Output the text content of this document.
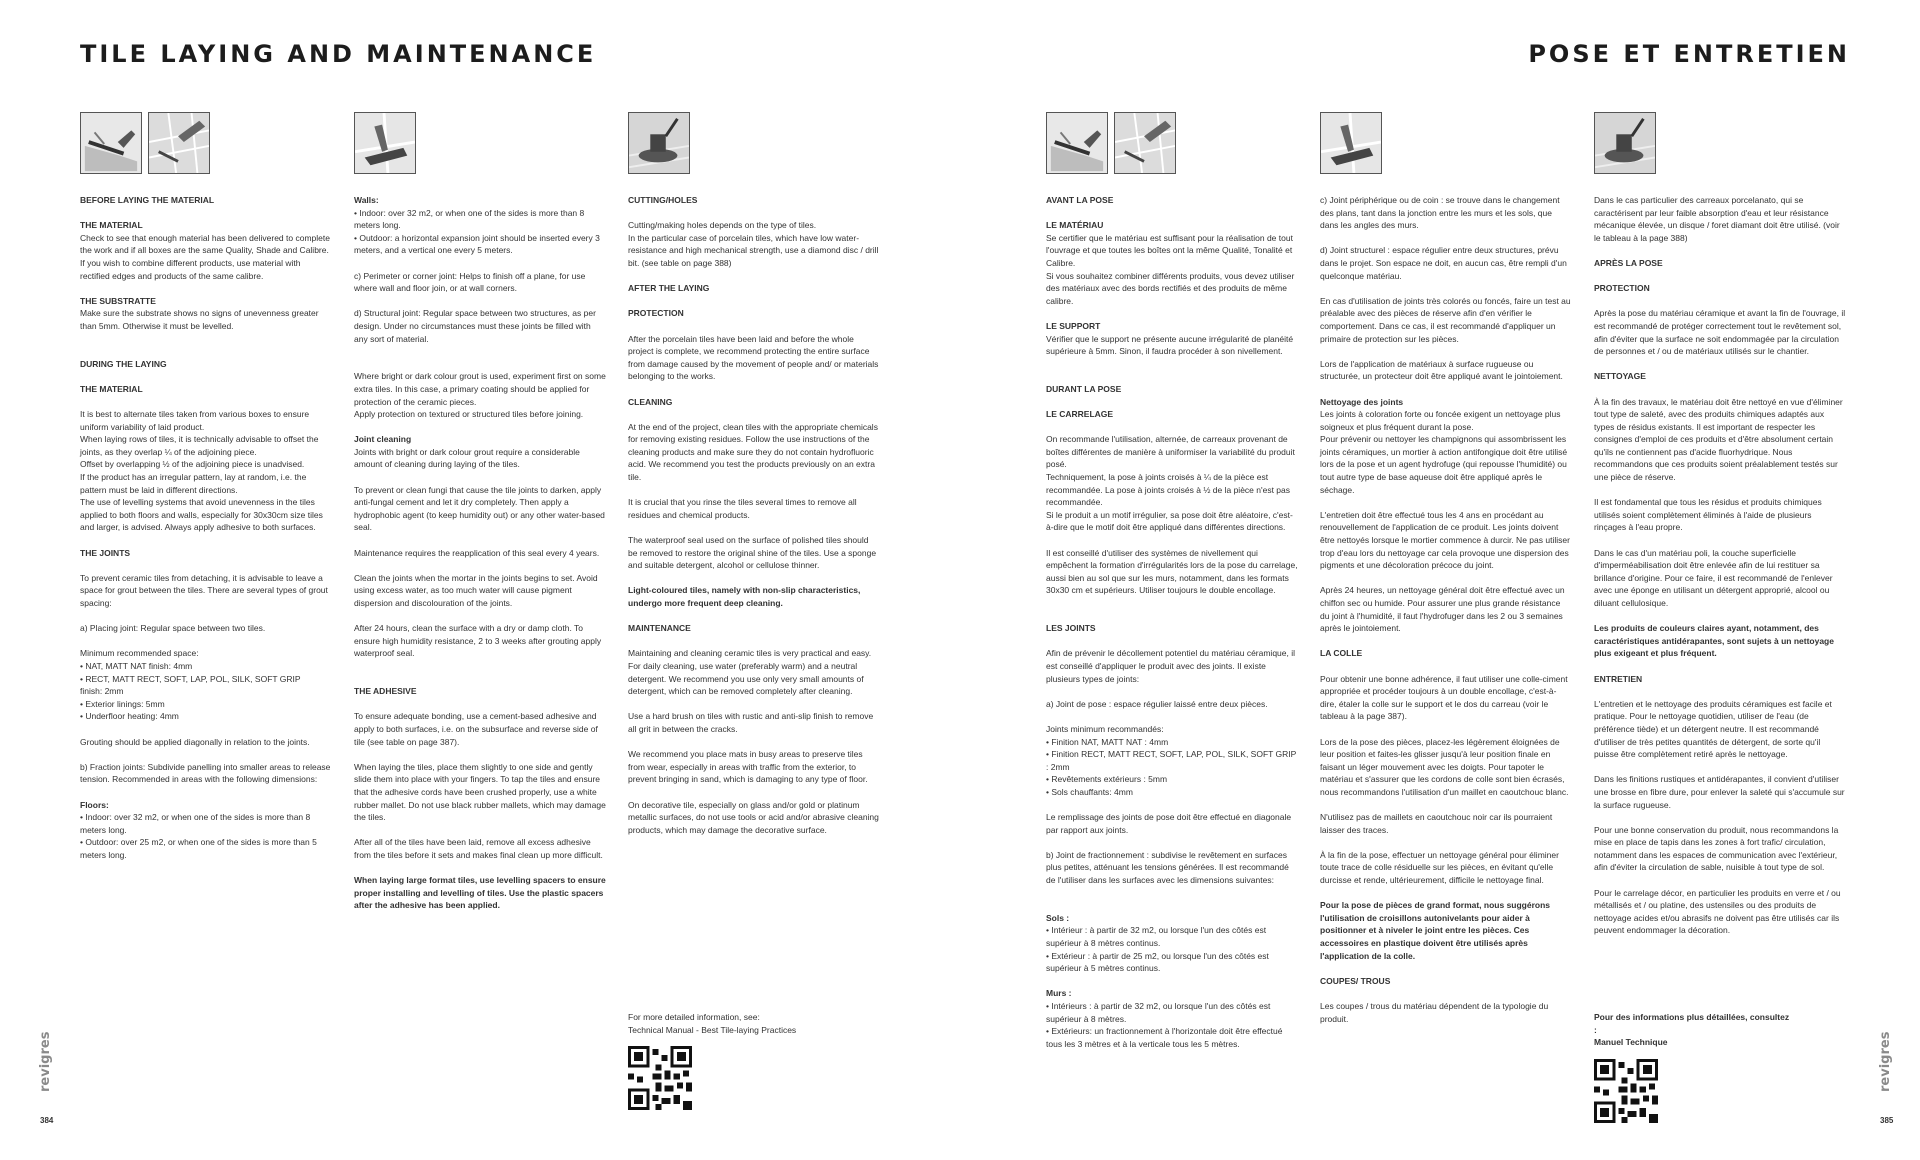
TILE LAYING AND MAINTENANCE

BEFORE LAYING THE MATERIAL

THE MATERIAL

Check to see that enough material has been delivered to complete the work and if all boxes are the same Quality, Shade and Calibre.
If you wish to combine different products, use material with rectified edges and products of the same calibre.

THE SUBSTRATTE

Make sure the substrate shows no signs of unevenness greater than 5mm. Otherwise it must be levelled.

DURING THE LAYING

THE MATERIAL

It is best to alternate tiles taken from various boxes to ensure uniform variability of laid product.
When laying rows of tiles, it is technically advisable to offset the joints, as they overlap ¼ of the adjoining piece.
Offset by overlapping ½ of the adjoining piece is unadvised.
If the product has an irregular pattern, lay at random, i.e. the pattern must be laid in different directions.
The use of levelling systems that avoid unevenness in the tiles applied to both floors and walls, especially for 30x30cm size tiles and larger, is advised. Always apply adhesive to both surfaces.

THE JOINTS

To prevent ceramic tiles from detaching, it is advisable to leave a space for grout between the tiles. There are several types of grout spacing:

a) Placing joint: Regular space between two tiles.

Minimum recommended space:
• NAT, MATT NAT finish: 4mm
• RECT, MATT RECT, SOFT, LAP, POL, SILK, SOFT GRIP
finish: 2mm
• Exterior linings: 5mm
• Underfloor heating: 4mm

Grouting should be applied diagonally in relation to the joints.

b) Fraction joints: Subdivide panelling into smaller areas to release tension. Recommended in areas with the following dimensions:

Floors:

• Indoor: over 32 m2, or when one of the sides is more than 8 meters long.
• Outdoor: over 25 m2, or when one of the sides is more than 5 meters long.

Walls:

• Indoor: over 32 m2, or when one of the sides is more than 8 meters long.
• Outdoor: a horizontal expansion joint should be inserted every 3 meters, and a vertical one every 5 meters.

c) Perimeter or corner joint: Helps to finish off a plane, for use where wall and floor join, or at wall corners.

d) Structural joint: Regular space between two structures, as per design. Under no circumstances must these joints be filled with any sort of material.

Where bright or dark colour grout is used, experiment first on some extra tiles. In this case, a primary coating should be applied for protection of the ceramic pieces.
Apply protection on textured or structured tiles before joining.

Joint cleaning

Joints with bright or dark colour grout require a considerable amount of cleaning during laying of the tiles.

To prevent or clean fungi that cause the tile joints to darken, apply anti-fungal cement and let it dry completely. Then apply a hydrophobic agent (to keep humidity out) or any other water-based seal.

Maintenance requires the reapplication of this seal every 4 years.

Clean the joints when the mortar in the joints begins to set. Avoid using excess water, as too much water will cause pigment dispersion and discolouration of the joints.

After 24 hours, clean the surface with a dry or damp cloth. To ensure high humidity resistance, 2 to 3 weeks after grouting apply waterproof seal.

THE ADHESIVE

To ensure adequate bonding, use a cement-based adhesive and apply to both surfaces, i.e. on the subsurface and reverse side of tile (see table on page 387).

When laying the tiles, place them slightly to one side and gently slide them into place with your fingers. To tap the tiles and ensure that the adhesive cords have been crushed properly, use a white rubber mallet. Do not use black rubber mallets, which may damage the tiles.

After all of the tiles have been laid, remove all excess adhesive from the tiles before it sets and makes final clean up more difficult.

When laying large format tiles, use levelling spacers to ensure proper installing and levelling of tiles. Use the plastic spacers after the adhesive has been applied.

CUTTING/HOLES

Cutting/making holes depends on the type of tiles.
In the particular case of porcelain tiles, which have low water-resistance and high mechanical strength, use a diamond disc / drill bit. (see table on page 388)

AFTER THE LAYING

PROTECTION

After the porcelain tiles have been laid and before the whole project is complete, we recommend protecting the entire surface from damage caused by the movement of people and/ or materials belonging to the works.

CLEANING

At the end of the project, clean tiles with the appropriate chemicals for removing existing residues. Follow the use instructions of the cleaning products and make sure they do not contain hydrofluoric acid. We recommend you test the products previously on an extra tile.

It is crucial that you rinse the tiles several times to remove all residues and chemical products.

The waterproof seal used on the surface of polished tiles should be removed to restore the original shine of the tiles. Use a sponge and suitable detergent, alcohol or cellulose thinner.

Light-coloured tiles, namely with non-slip characteristics, undergo more frequent deep cleaning.

MAINTENANCE

Maintaining and cleaning ceramic tiles is very practical and easy. For daily cleaning, use water (preferably warm) and a neutral detergent. We recommend you use only very small amounts of detergent, which can be removed completely after cleaning.

Use a hard brush on tiles with rustic and anti-slip finish to remove all grit in between the cracks.

We recommend you place mats in busy areas to preserve tiles from wear, especially in areas with traffic from the exterior, to prevent bringing in sand, which is damaging to any type of floor.

On decorative tile, especially on glass and/or gold or platinum metallic surfaces, do not use tools or acid and/or abrasive cleaning products, which may damage the decorative surface.

For more detailed information, see:
Technical Manual - Best Tile-laying Practices
revigres
384
POSE ET ENTRETIEN

AVANT LA POSE

LE MATÉRIAU

Se certifier que le matériau est suffisant pour la réalisation de tout l'ouvrage et que toutes les boîtes ont la même Qualité, Tonalité et Calibre.
Si vous souhaitez combiner différents produits, vous devez utiliser des matériaux avec des bords rectifiés et des produits de même calibre.

LE SUPPORT

Vérifier que le support ne présente aucune irrégularité de planéité supérieure à 5mm. Sinon, il faudra procéder à son nivellement.

DURANT LA POSE

LE CARRELAGE

On recommande l'utilisation, alternée, de carreaux provenant de boîtes différentes de manière à uniformiser la variabilité du produit posé.
Techniquement, la pose à joints croisés à ¼ de la pièce est recommandée. La pose à joints croisés à ½ de la pièce n'est pas recommandée.
Si le produit a un motif irrégulier, sa pose doit être aléatoire, c'est-à-dire que le motif doit être appliqué dans différentes directions.

Il est conseillé d'utiliser des systèmes de nivellement qui empêchent la formation d'irrégularités lors de la pose du carrelage, aussi bien au sol que sur les murs, notamment, dans les formats 30x30 cm et supérieurs. Utiliser toujours le double encollage.

LES JOINTS

Afin de prévenir le décollement potentiel du matériau céramique, il est conseillé d'appliquer le produit avec des joints. Il existe plusieurs types de joints:

a) Joint de pose : espace régulier laissé entre deux pièces.

Joints minimum recommandés:
• Finition NAT, MATT NAT : 4mm
• Finition RECT, MATT RECT, SOFT, LAP, POL, SILK, SOFT GRIP
: 2mm
• Revêtements extérieurs : 5mm
• Sols chauffants: 4mm

Le remplissage des joints de pose doit être effectué en diagonale par rapport aux joints.

b) Joint de fractionnement : subdivise le revêtement en surfaces plus petites, atténuant les tensions générées. Il est recommandé de l'utiliser dans les surfaces avec les dimensions suivantes:

Sols :

• Intérieur : à partir de 32 m2, ou lorsque l'un des côtés est supérieur à 8 mètres continus.
• Extérieur : à partir de 25 m2, ou lorsque l'un des côtés est supérieur à 5 mètres continus.

Murs :

• Intérieurs : à partir de 32 m2, ou lorsque l'un des côtés est supérieur à 8 mètres.
• Extérieurs: un fractionnement à l'horizontale doit être effectué tous les 3 mètres et à la verticale tous les 5 mètres.

c) Joint périphérique ou de coin : se trouve dans le changement des plans, tant dans la jonction entre les murs et les sols, que dans les angles des murs.

d) Joint structurel : espace régulier entre deux structures, prévu dans le projet. Son espace ne doit, en aucun cas, être rempli d'un quelconque matériau.

En cas d'utilisation de joints très colorés ou foncés, faire un test au préalable avec des pièces de réserve afin d'en vérifier le comportement. Dans ce cas, il est recommandé d'appliquer un primaire de protection sur les pièces.

Lors de l'application de matériaux à surface rugueuse ou structurée, un protecteur doit être appliqué avant le jointoiement.

Nettoyage des joints

Les joints à coloration forte ou foncée exigent un nettoyage plus soigneux et plus fréquent durant la pose.
Pour prévenir ou nettoyer les champignons qui assombrissent les joints céramiques, un mortier à action antifongique doit être utilisé lors de la pose et un agent hydrofuge (qui repousse l'humidité) ou tout autre type de base aqueuse doit être appliqué après le séchage.

L'entretien doit être effectué tous les 4 ans en procédant au renouvellement de l'application de ce produit. Les joints doivent être nettoyés lorsque le mortier commence à durcir. Ne pas utiliser trop d'eau lors du nettoyage car cela provoque une dispersion des pigments et une décoloration précoce du joint.

Après 24 heures, un nettoyage général doit être effectué avec un chiffon sec ou humide. Pour assurer une plus grande résistance du joint à l'humidité, il faut l'hydrofuger dans les 2 ou 3 semaines après le jointoiement.

LA COLLE

Pour obtenir une bonne adhérence, il faut utiliser une colle-ciment appropriée et procéder toujours à un double encollage, c'est-à-dire, étaler la colle sur le support et le dos du carreau (voir le tableau à la page 387).

Lors de la pose des pièces, placez-les légèrement éloignées de leur position et faites-les glisser jusqu'à leur position finale en faisant un léger mouvement avec les doigts. Pour tapoter le matériau et s'assurer que les cordons de colle sont bien écrasés, nous recommandons l'utilisation d'un maillet en caoutchouc blanc.

N'utilisez pas de maillets en caoutchouc noir car ils pourraient laisser des traces.

À la fin de la pose, effectuer un nettoyage général pour éliminer toute trace de colle résiduelle sur les pièces, en évitant qu'elle durcisse et rende, ultérieurement, difficile le nettoyage final.

Pour la pose de pièces de grand format, nous suggérons l'utilisation de croisillons autonivelants pour aider à positionner et à niveler le joint entre les pièces. Ces accessoires en plastique doivent être utilisés après l'application de la colle.

COUPES/ TROUS

Les coupes / trous du matériau dépendent de la typologie du produit.

Dans le cas particulier des carreaux porcelanato, qui se caractérisent par leur faible absorption d'eau et leur résistance mécanique élevée, un disque / foret diamant doit être utilisé. (voir le tableau à la page 388)

APRÈS LA POSE

PROTECTION

Après la pose du matériau céramique et avant la fin de l'ouvrage, il est recommandé de protéger correctement tout le revêtement sol, afin d'éviter que la surface ne soit endommagée par la circulation de personnes et / ou de matériaux utilisés sur le chantier.

NETTOYAGE

À la fin des travaux, le matériau doit être nettoyé en vue d'éliminer tout type de saleté, avec des produits chimiques adaptés aux types de résidus existants. Il est important de respecter les consignes d'emploi de ces produits et d'être absolument certain qu'ils ne contiennent pas d'acide fluorhydrique. Nous recommandons que ces produits soient préalablement testés sur une pièce de réserve.

Il est fondamental que tous les résidus et produits chimiques utilisés soient complètement éliminés à l'aide de plusieurs rinçages à l'eau propre.

Dans le cas d'un matériau poli, la couche superficielle d'imperméabilisation doit être enlevée afin de lui restituer sa brillance d'origine. Pour ce faire, il est recommandé de l'enlever avec une éponge en utilisant un détergent approprié, alcool ou diluant cellulosique.

Les produits de couleurs claires ayant, notamment, des caractéristiques antidérapantes, sont sujets à un nettoyage plus exigeant et plus fréquent.

ENTRETIEN

L'entretien et le nettoyage des produits céramiques est facile et pratique. Pour le nettoyage quotidien, utiliser de l'eau (de préférence tiède) et un détergent neutre. Il est recommandé d'utiliser de très petites quantités de détergent, de sorte qu'il puisse être complètement retiré après le nettoyage.

Dans les finitions rustiques et antidérapantes, il convient d'utiliser une brosse en fibre dure, pour enlever la saleté qui s'accumule sur la surface rugueuse.

Pour une bonne conservation du produit, nous recommandons la mise en place de tapis dans les zones à fort trafic/ circulation, notamment dans les espaces de communication avec l'extérieur, afin d'éviter la circulation de sable, nuisible à tout type de sol.

Pour le carrelage décor, en particulier les produits en verre et / ou métallisés et / ou platine, des ustensiles ou des produits de nettoyage acides et/ou abrasifs ne doivent pas être utilisés car ils peuvent endommager la décoration.

Pour des informations plus détaillées, consultez :
Manuel Technique	revigres
385
